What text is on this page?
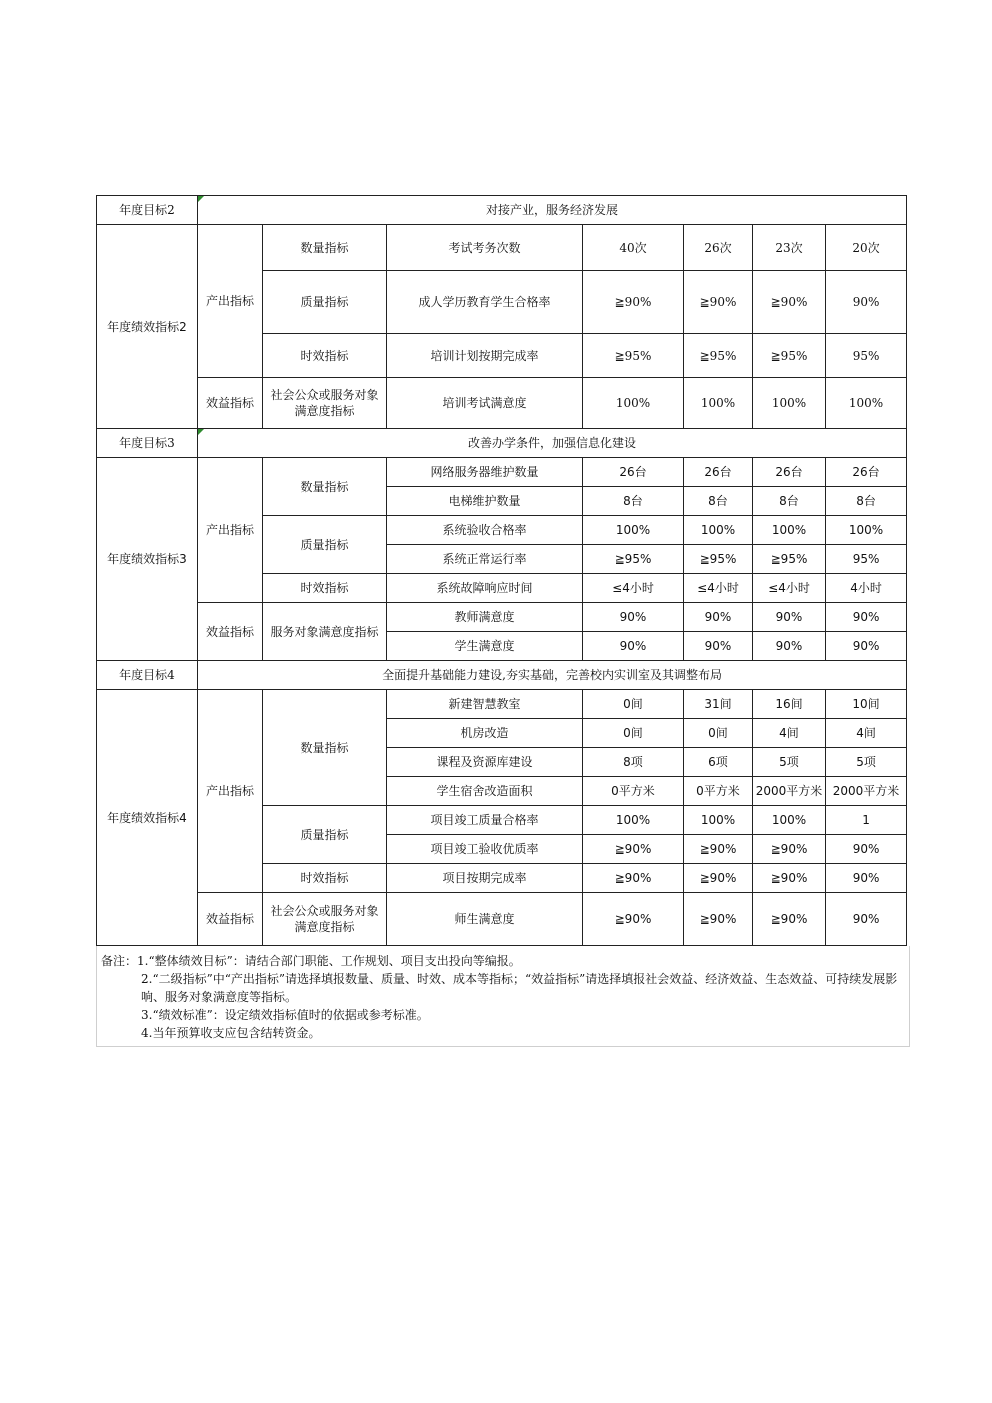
年度目标2	对接产业，服务经济发展						
年度绩效指标2	产出指标	数量指标	考试考务次数	40次	26次	23次	20次
		质量指标	成人学历教育学生合格率	≧90%	≧90%	≧90%	90%
		时效指标	培训计划按期完成率	≧95%	≧95%	≧95%	95%
	效益指标	社会公众或服务对象满意度指标	培训考试满意度	100%	100%	100%	100%
年度目标3	改善办学条件，加强信息化建设						
年度绩效指标3	产出指标	数量指标	网络服务器维护数量	26台	26台	26台	26台
			电梯维护数量	8台	8台	8台	8台
		质量指标	系统验收合格率	100%	100%	100%	100%
			系统正常运行率	≧95%	≧95%	≧95%	95%
		时效指标	系统故障响应时间	≤4小时	≤4小时	≤4小时	4小时
	效益指标	服务对象满意度指标	教师满意度	90%	90%	90%	90%
			学生满意度	90%	90%	90%	90%
年度目标4	全面提升基础能力建设,夯实基础，完善校内实训室及其调整布局						
年度绩效指标4	产出指标	数量指标	新建智慧教室	0间	31间	16间	10间
			机房改造	0间	0间	4间	4间
			课程及资源库建设	8项	6项	5项	5项
			学生宿舍改造面积	0平方米	0平方米	2000平方米	2000平方米
		质量指标	项目竣工质量合格率	100%	100%	100%	1
			项目竣工验收优质率	≧90%	≧90%	≧90%	90%
		时效指标	项目按期完成率	≧90%	≧90%	≧90%	90%
	效益指标	社会公众或服务对象满意度指标	师生满意度	≧90%	≧90%	≧90%	90%
备注：1.“整体绩效目标”：请结合部门职能、工作规划、项目支出投向等编报。
2.“二级指标”中“产出指标”请选择填报数量、质量、时效、成本等指标；“效益指标”请选择填报社会效益、经济效益、生态效益、可持续发展影响、服务对象满意度等指标。
3.“绩效标准”：设定绩效指标值时的依据或参考标准。
4.当年预算收支应包含结转资金。
